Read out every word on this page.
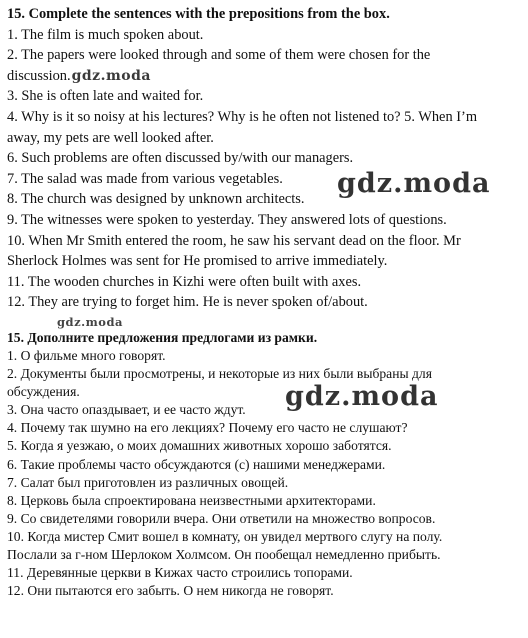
15. Complete the sentences with the prepositions from the box.

1. The film is much spoken about.

2. The papers were looked through and some of them were chosen for the

discussion.gdz.moda

3. She is often late and waited for.

4. Why is it so noisy at his lectures? Why is he often not listened to? 5. When I’m

away, my pets are well looked after.

6. Such problems are often discussed by/with our managers.

7. The salad was made from various vegetables.

8. The church was designed by unknown architects.

9. The witnesses were spoken to yesterday. They answered lots of questions.

10. When Mr Smith entered the room, he saw his servant dead on the floor. Mr

Sherlock Holmes was sent for He promised to arrive immediately.

11. The wooden churches in Kizhi were often built with axes.

12. They are trying to forget him. He is never spoken of/about.

gdz.moda

gdz.moda

15. Дополните предложения предлогами из рамки.

1. О фильме много говорят.

2. Документы были просмотрены, и некоторые из них были выбраны для

обсуждения.

3. Она часто опаздывает, и ее часто ждут.

4. Почему так шумно на его лекциях? Почему его часто не слушают?

5. Когда я уезжаю, о моих домашних животных хорошо заботятся.

6. Такие проблемы часто обсуждаются (с) нашими менеджерами.

7. Салат был приготовлен из различных овощей.

8. Церковь была спроектирована неизвестными архитекторами.

9. Со свидетелями говорили вчера. Они ответили на множество вопросов.

10. Когда мистер Смит вошел в комнату, он увидел мертвого слугу на полу.

Послали за г-ном Шерлоком Холмсом. Он пообещал немедленно прибыть.

11. Деревянные церкви в Кижах часто строились топорами.

12. Они пытаются его забыть. О нем никогда не говорят.

gdz.moda
